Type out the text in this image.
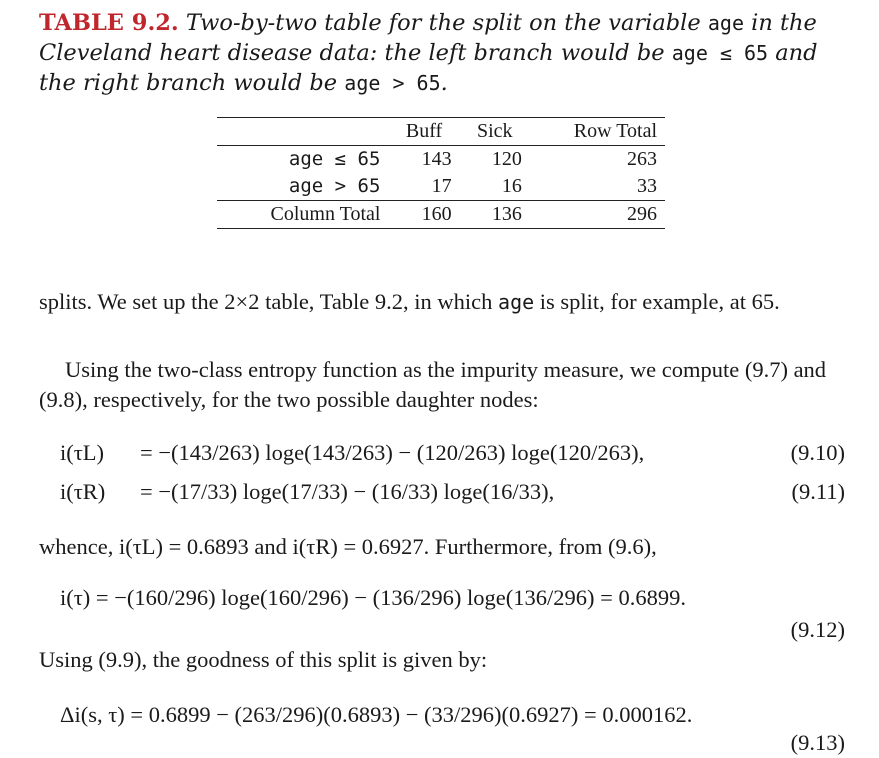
TABLE 9.2. Two-by-two table for the split on the variable age in the Cleveland heart disease data: the left branch would be age ≤ 65 and the right branch would be age > 65.
	Buff	Sick	Row Total
age ≤ 65	143	120	263
age > 65	17	16	33
Column Total	160	136	296
splits. We set up the 2×2 table, Table 9.2, in which age is split, for example, at 65.
Using the two-class entropy function as the impurity measure, we compute (9.7) and (9.8), respectively, for the two possible daughter nodes:
i(τL) = −(143/263) loge(143/263) − (120/263) loge(120/263),	(9.10)
i(τR) = −(17/33) loge(17/33) − (16/33) loge(16/33),	(9.11)
whence, i(τL) = 0.6893 and i(τR) = 0.6927. Furthermore, from (9.6),
i(τ) = −(160/296) loge(160/296) − (136/296) loge(136/296) = 0.6899.
(9.12)
Using (9.9), the goodness of this split is given by:
Δi(s, τ) = 0.6899 − (263/296)(0.6893) − (33/296)(0.6927) = 0.000162.
(9.13)
